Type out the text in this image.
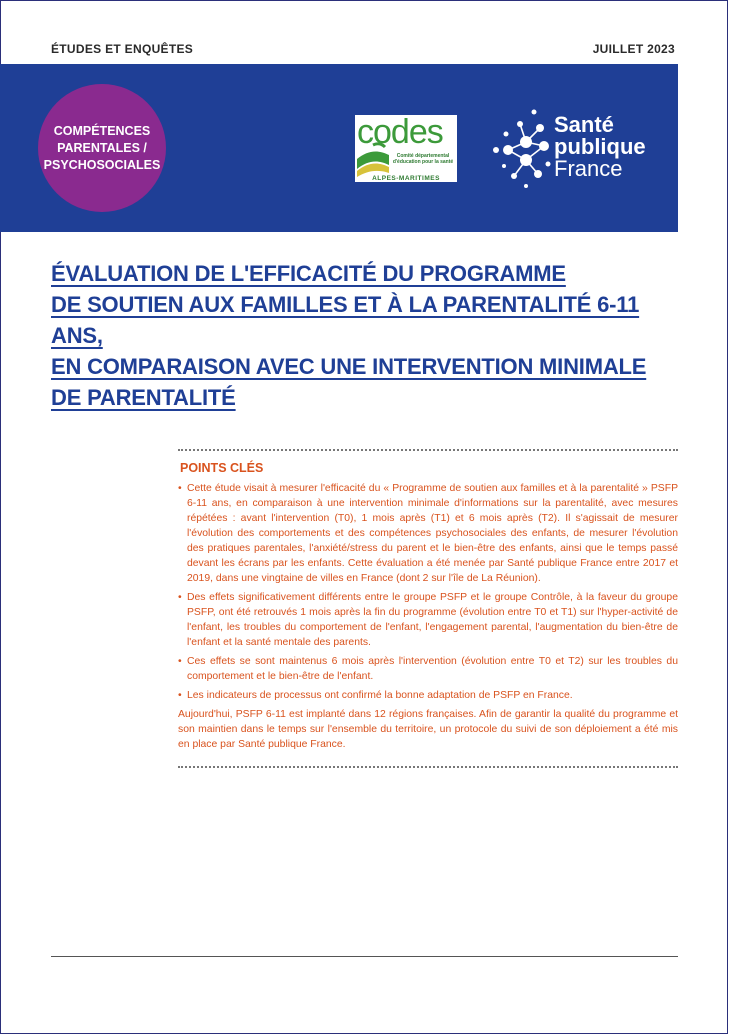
ÉTUDES ET ENQUÊTES	JUILLET 2023
COMPÉTENCES
PARENTALES /
PSYCHOSOCIALES
codes
Comité départemental d'éducation pour la santé
ALPES-MARITIMES
Santé
publique
France
ÉVALUATION DE L'EFFICACITÉ DU PROGRAMME
DE SOUTIEN AUX FAMILLES ET À LA PARENTALITÉ 6-11 ANS,
EN COMPARAISON AVEC UNE INTERVENTION MINIMALE
DE PARENTALITÉ
POINTS CLÉS
• Cette étude visait à mesurer l'efficacité du « Programme de soutien aux familles et à la parentalité » PSFP 6-11 ans, en comparaison à une intervention minimale d'informations sur la parentalité, avec mesures répétées : avant l'intervention (T0), 1 mois après (T1) et 6 mois après (T2). Il s'agissait de mesurer l'évolution des comportements et des compétences psychosociales des enfants, de mesurer l'évolution des pratiques parentales, l'anxiété/stress du parent et le bien-être des enfants, ainsi que le temps passé devant les écrans par les enfants. Cette évaluation a été menée par Santé publique France entre 2017 et 2019, dans une vingtaine de villes en France (dont 2 sur l'île de La Réunion).
• Des effets significativement différents entre le groupe PSFP et le groupe Contrôle, à la faveur du groupe PSFP, ont été retrouvés 1 mois après la fin du programme (évolution entre T0 et T1) sur l'hyper-activité de l'enfant, les troubles du comportement de l'enfant, l'engagement parental, l'augmentation du bien-être de l'enfant et la santé mentale des parents.
• Ces effets se sont maintenus 6 mois après l'intervention (évolution entre T0 et T2) sur les troubles du comportement et le bien-être de l'enfant.
• Les indicateurs de processus ont confirmé la bonne adaptation de PSFP en France.
Aujourd'hui, PSFP 6-11 est implanté dans 12 régions françaises. Afin de garantir la qualité du programme et son maintien dans le temps sur l'ensemble du territoire, un protocole du suivi de son déploiement a été mis en place par Santé publique France.
